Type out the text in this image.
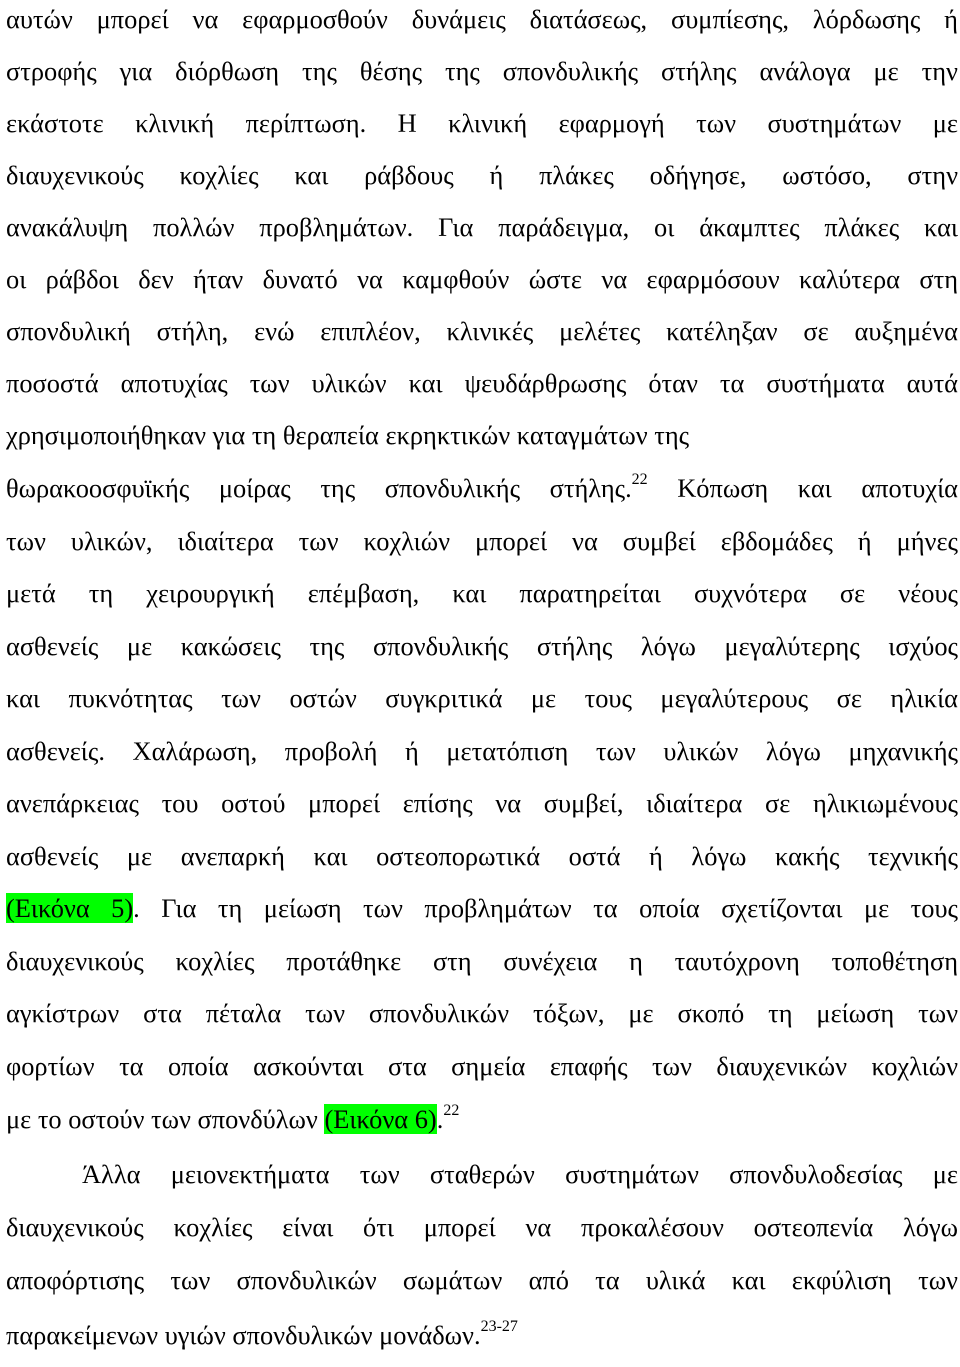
αυτών μπορεί να εφαρμοσθούν δυνάμεις διατάσεως, συμπίεσης, λόρδωσης ή
στροφής για διόρθωση της θέσης της σπονδυλικής στήλης ανάλογα με την
εκάστοτε κλινική περίπτωση. Η κλινική εφαρμογή των συστημάτων με
διαυχενικούς κοχλίες και ράβδους ή πλάκες οδήγησε, ωστόσο, στην
ανακάλυψη πολλών προβλημάτων. Για παράδειγμα, οι άκαμπτες πλάκες και
οι ράβδοι δεν ήταν δυνατό να καμφθούν ώστε να εφαρμόσουν καλύτερα στη
σπονδυλική στήλη, ενώ επιπλέον, κλινικές μελέτες κατέληξαν σε αυξημένα
ποσοστά αποτυχίας των υλικών και ψευδάρθρωσης όταν τα συστήματα αυτά
χρησιμοποιήθηκαν για τη θεραπεία εκρηκτικών καταγμάτων της
θωρακοοσφυϊκής μοίρας της σπονδυλικής στήλης.$^{22}$ Κόπωση και αποτυχία
των υλικών, ιδιαίτερα των κοχλιών μπορεί να συμβεί εβδομάδες ή μήνες
μετά τη χειρουργική επέμβαση, και παρατηρείται συχνότερα σε νέους
ασθενείς με κακώσεις της σπονδυλικής στήλης λόγω μεγαλύτερης ισχύος
και πυκνότητας των οστών συγκριτικά με τους μεγαλύτερους σε ηλικία
ασθενείς. Χαλάρωση, προβολή ή μετατόπιση των υλικών λόγω μηχανικής
ανεπάρκειας του οστού μπορεί επίσης να συμβεί, ιδιαίτερα σε ηλικιωμένους
ασθενείς με ανεπαρκή και οστεοπορωτικά οστά ή λόγω κακής τεχνικής
(Εικόνα 5). Για τη μείωση των προβλημάτων τα οποία σχετίζονται με τους
διαυχενικούς κοχλίες προτάθηκε στη συνέχεια η ταυτόχρονη τοποθέτηση
αγκίστρων στα πέταλα των σπονδυλικών τόξων, με σκοπό τη μείωση των
φορτίων τα οποία ασκούνται στα σημεία επαφής των διαυχενικών κοχλιών
με το οστούν των σπονδύλων (Εικόνα 6).$^{22}$
Άλλα μειονεκτήματα των σταθερών συστημάτων σπονδυλοδεσίας με
διαυχενικούς κοχλίες είναι ότι μπορεί να προκαλέσουν οστεοπενία λόγω
αποφόρτισης των σπονδυλικών σωμάτων από τα υλικά και εκφύλιση των
παρακείμενων υγιών σπονδυλικών μονάδων.$^{23-27}$
